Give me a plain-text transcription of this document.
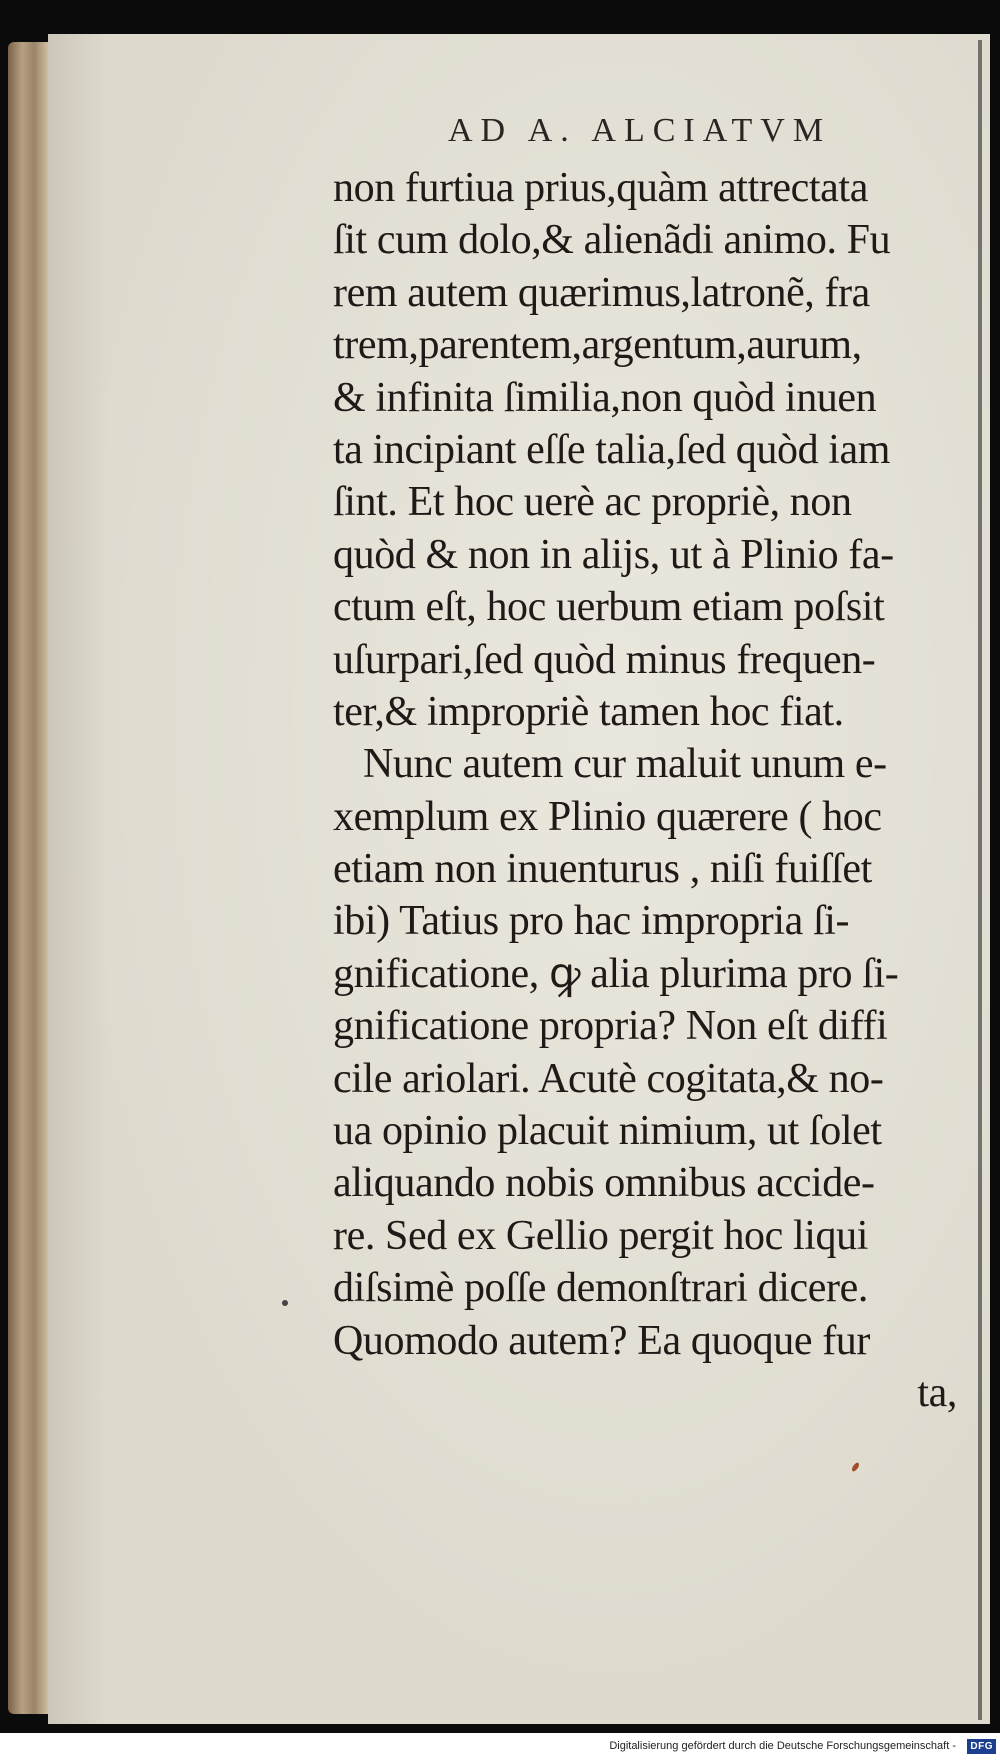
AD A. ALCIATVM
non furtiua prius,quàm attrectata
ſit cum dolo,& alienãdi animo. Fu
rem autem quærimus,latronẽ, fra
trem,parentem,argentum,aurum,
& infinita ſimilia,non quòd inuen
ta incipiant eſſe talia,ſed quòd iam
ſint. Et hoc uerè ac propriè, non
quòd & non in alijs, ut à Plinio fa-
ctum eſt, hoc uerbum etiam poſsit
uſurpari,ſed quòd minus frequen-
ter,& impropriè tamen hoc fiat.
Nunc autem cur maluit unum e-
xemplum ex Plinio quærere ( hoc
etiam non inuenturus , niſi fuiſſet
ibi) Tatius pro hac impropria ſi-
gnificatione, ꝙ alia plurima pro ſi-
gnificatione propria? Non eſt diffi
cile ariolari. Acutè cogitata,& no-
ua opinio placuit nimium, ut ſolet
aliquando nobis omnibus accide-
re. Sed ex Gellio pergit hoc liqui
diſsimè poſſe demonſtrari dicere.
Quomodo autem? Ea quoque fur
ta,
Digitalisierung gefördert durch die Deutsche Forschungsgemeinschaft -	DFG
